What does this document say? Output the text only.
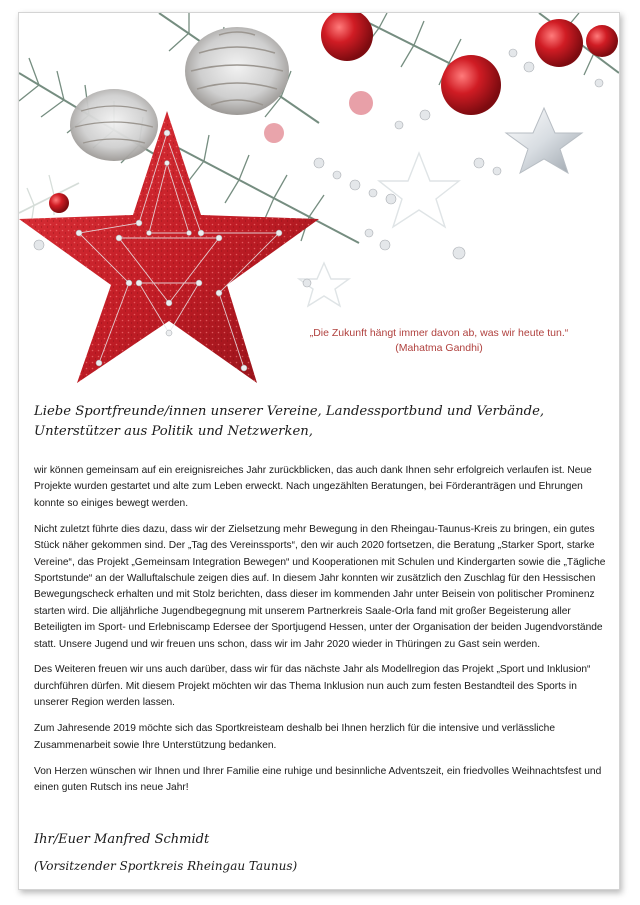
„Die Zukunft hängt immer davon ab, was wir heute tun.“
(Mahatma Gandhi)
Liebe Sportfreunde/innen unserer Vereine, Landessportbund und Verbände, Unterstützer aus Politik und Netzwerken,

wir können gemeinsam auf ein ereignisreiches Jahr zurückblicken, das auch dank Ihnen sehr erfolgreich verlaufen ist. Neue Projekte wurden gestartet und alte zum Leben erweckt. Nach ungezählten Beratungen, bei Förderanträgen und Ehrungen konnte so einiges bewegt werden.

Nicht zuletzt führte dies dazu, dass wir der Zielsetzung mehr Bewegung in den Rheingau-Taunus-Kreis zu bringen, ein gutes Stück näher gekommen sind. Der „Tag des Vereinssports“, den wir auch 2020 fortsetzen, die Beratung „Starker Sport, starke Vereine“, das Projekt „Gemeinsam Integration Bewegen“ und Kooperationen mit Schulen und Kindergarten sowie die „Tägliche Sportstunde“ an der Walluftalschule zeigen dies auf. In diesem Jahr konnten wir zusätzlich den Zuschlag für den Hessischen Bewegungscheck erhalten und mit Stolz berichten, dass dieser im kommenden Jahr unter Beisein von politischer Prominenz starten wird. Die alljährliche Jugendbegegnung mit unserem Partnerkreis Saale-Orla fand mit großer Begeisterung aller Beteiligten im Sport- und Erlebniscamp Edersee der Sportjugend Hessen, unter der Organisation der beiden Jugendvorstände statt. Unsere Jugend und wir freuen uns schon, dass wir im Jahr 2020 wieder in Thüringen zu Gast sein werden.

Des Weiteren freuen wir uns auch darüber, dass wir für das nächste Jahr als Modellregion das Projekt „Sport und Inklusion“ durchführen dürfen. Mit diesem Projekt möchten wir das Thema Inklusion nun auch zum festen Bestandteil des Sports in unserer Region werden lassen.

Zum Jahresende 2019 möchte sich das Sportkreisteam deshalb bei Ihnen herzlich für die intensive und verlässliche Zusammenarbeit sowie Ihre Unterstützung bedanken.

Von Herzen wünschen wir Ihnen und Ihrer Familie eine ruhige und besinnliche Adventszeit, ein friedvolles Weihnachtsfest und einen guten Rutsch ins neue Jahr!

Ihr/Euer Manfred Schmidt
(Vorsitzender Sportkreis Rheingau Taunus)
